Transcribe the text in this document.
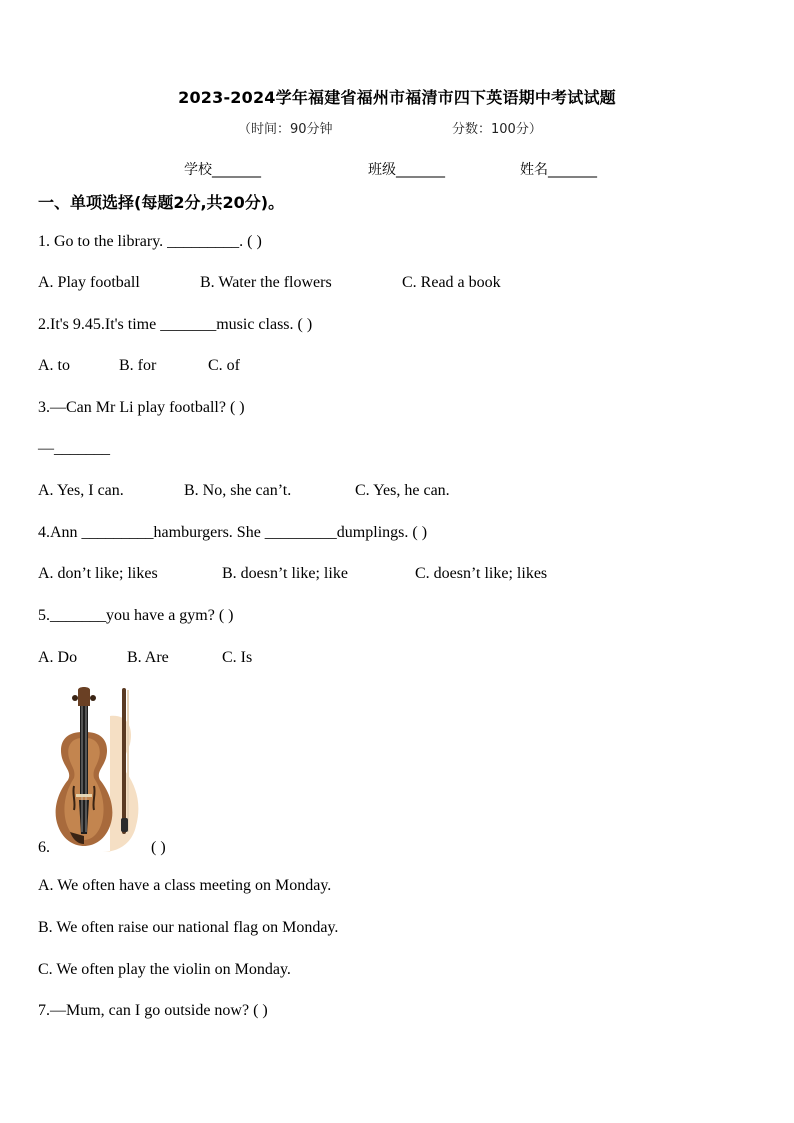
2023-2024学年福建省福州市福清市四下英语期中考试试题
（时间：90分钟	分数：100分）
学校_______	班级_______	姓名_______
一、单项选择(每题2分,共20分)。
1. Go to the library. _________. ( )
A. Play football	B. Water the flowers	C. Read a book
2.It's 9.45.It's time _______music class. ( )
A. to	B. for	C. of
3.—Can Mr Li play football? ( )
—_______
A. Yes, I can.	B. No, she can’t.	C. Yes, he can.
4.Ann _________hamburgers. She _________dumplings. ( )
A. don’t like; likes	B. doesn’t like; like	C. doesn’t like; likes
5._______you have a gym? ( )
A. Do	B. Are	C. Is
6.	( )
A. We often have a class meeting on Monday.
B. We often raise our national flag on Monday.
C. We often play the violin on Monday.
7.—Mum, can I go outside now? ( )
